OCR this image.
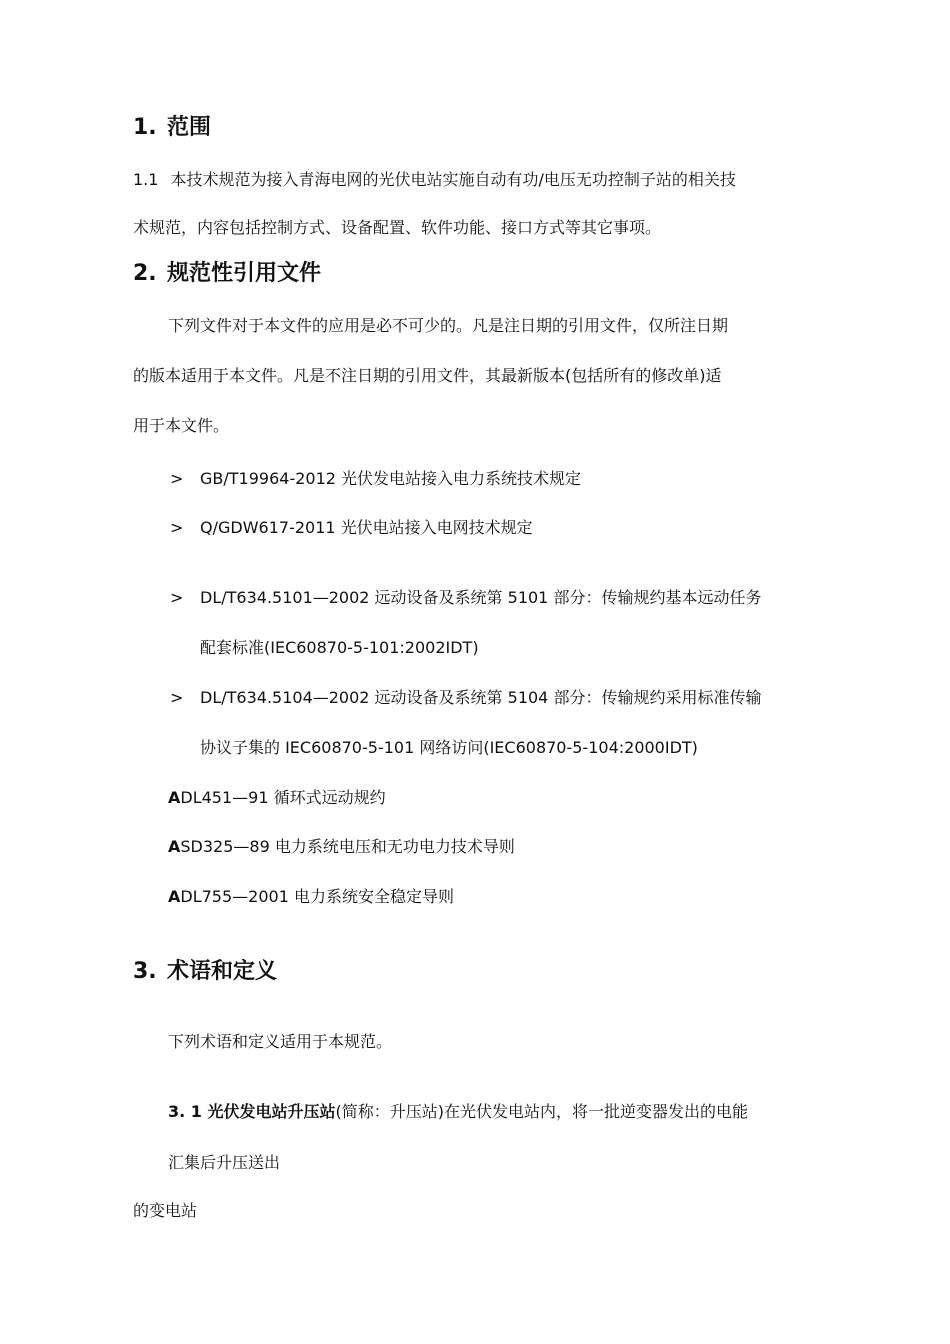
1. 范围
1.1 本技术规范为接入青海电网的光伏电站实施自动有功/电压无功控制子站的相关技
术规范，内容包括控制方式、设备配置、软件功能、接口方式等其它事项。
2. 规范性引用文件
下列文件对于本文件的应用是必不可少的。凡是注日期的引用文件，仅所注日期
的版本适用于本文件。凡是不注日期的引用文件，其最新版本(包括所有的修改单)适
用于本文件。
> GB/T19964-2012 光伏发电站接入电力系统技术规定
> Q/GDW617-2011 光伏电站接入电网技术规定
> DL/T634.5101—2002 远动设备及系统第 5101 部分：传输规约基本远动任务
配套标准(IEC60870-5-101:2002IDT)
> DL/T634.5104—2002 远动设备及系统第 5104 部分：传输规约采用标准传输
协议子集的 IEC60870-5-101 网络访问(IEC60870-5-104:2000IDT)
ADL451—91 循环式远动规约
ASD325—89 电力系统电压和无功电力技术导则
ADL755—2001 电力系统安全稳定导则
3. 术语和定义
下列术语和定义适用于本规范。
3. 1 光伏发电站升压站(简称：升压站)在光伏发电站内，将一批逆变器发出的电能
汇集后升压送出
的变电站
